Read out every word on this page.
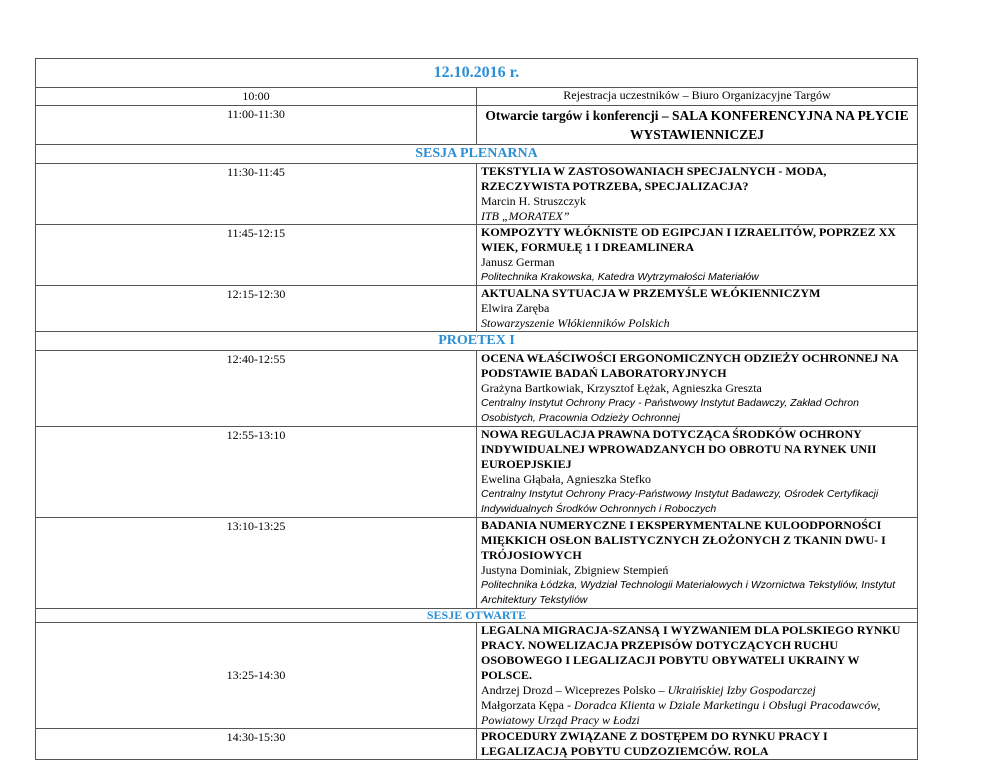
12.10.2016 r.	
10:00	Rejestracja uczestników – Biuro Organizacyjne Targów
11:00-11:30	Otwarcie targów i konferencji – SALA KONFERENCYJNA NA PŁYCIE WYSTAWIENNICZEJ
SESJA PLENARNA	
11:30-11:45	TEKSTYLIA W ZASTOSOWANIACH SPECJALNYCH - MODA, RZECZYWISTA POTRZEBA, SPECJALIZACJA?
Marcin H. Struszczyk
ITB „MORATEX”

11:45-12:15	KOMPOZYTY WŁÓKNISTE OD EGIPCJAN I IZRAELITÓW, POPRZEZ XX WIEK, FORMUŁĘ 1 I DREAMLINERA
Janusz German
Politechnika Krakowska, Katedra Wytrzymałości Materiałów

12:15-12:30	AKTUALNA SYTUACJA W PRZEMYŚLE WŁÓKIENNICZYM
Elwira Zaręba
Stowarzyszenie Włókienników Polskich

PROETEX I	
12:40-12:55	OCENA WŁAŚCIWOŚCI ERGONOMICZNYCH ODZIEŻY OCHRONNEJ NA PODSTAWIE BADAŃ LABORATORYJNYCH
Grażyna Bartkowiak, Krzysztof Łężak, Agnieszka Greszta
Centralny Instytut Ochrony Pracy - Państwowy Instytut Badawczy, Zakład Ochron Osobistych, Pracownia Odzieży Ochronnej

12:55-13:10	NOWA REGULACJA PRAWNA DOTYCZĄCA ŚRODKÓW OCHRONY INDYWIDUALNEJ WPROWADZANYCH DO OBROTU NA RYNEK UNII EUROEPJSKIEJ
Ewelina Głąbała, Agnieszka Stefko
Centralny Instytut Ochrony Pracy-Państwowy Instytut Badawczy, Ośrodek Certyfikacji Indywidualnych Środków Ochronnych i Roboczych

13:10-13:25	BADANIA NUMERYCZNE I EKSPERYMENTALNE KULOODPORNOŚCI MIĘKKICH OSŁON BALISTYCZNYCH ZŁOŻONYCH Z TKANIN DWU- I TRÓJOSIOWYCH
Justyna Dominiak, Zbigniew Stempień
Politechnika Łódzka, Wydział Technologii Materiałowych i Wzornictwa Tekstyliów, Instytut Architektury Tekstyliów

SESJE OTWARTE	
13:25-14:30	LEGALNA MIGRACJA-SZANSĄ I WYZWANIEM DLA POLSKIEGO RYNKU PRACY. NOWELIZACJA PRZEPISÓW DOTYCZĄCYCH RUCHU OSOBOWEGO I LEGALIZACJI POBYTU OBYWATELI UKRAINY W POLSCE.
Andrzej Drozd – Wiceprezes Polsko – Ukraińskiej Izby Gospodarczej
Małgorzata Kępa - Doradca Klienta w Dziale Marketingu i Obsługi Pracodawców, Powiatowy Urząd Pracy w Łodzi

14:30-15:30	PROCEDURY ZWIĄZANE Z DOSTĘPEM DO RYNKU PRACY I LEGALIZACJĄ POBYTU CUDZOZIEMCÓW. ROLA
